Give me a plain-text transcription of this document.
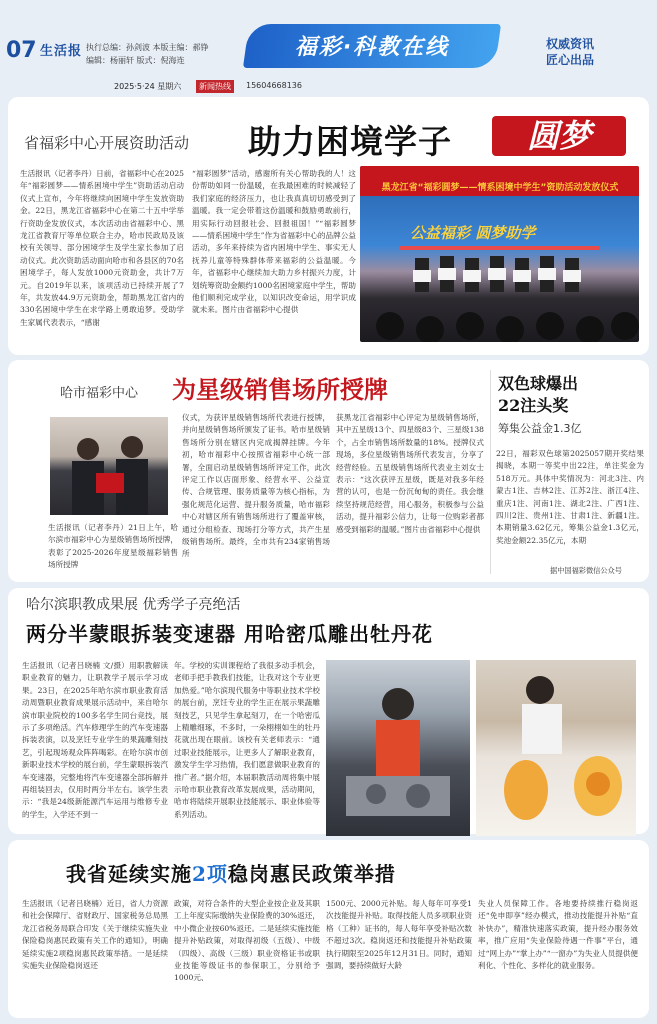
07 生活报 执行总编：孙剑波 本版主编：郝铮
编辑：杨丽轩 版式：倪海连
福彩·科教在线	权威资讯
匠心出品
2025·5·24 星期六	新闻热线	15604668136
省福彩中心开展资助活动 助力困境学子	圆梦
生活报讯（记者李丹）日前，省福彩中心在2025年“福彩圆梦——情系困境中学生”资助活动启动仪式上宣布，今年将继续向困境中学生发放资助金。22日，黑龙江省福彩中心在第二十五中学举行资助金发放仪式，本次活动由省福彩中心、黑龙江省教育厅等单位联合主办，哈市民政局及该校有关领导、部分困境学生及学生家长参加了启动仪式。此次资助活动面向哈市和各县区的70名困境学子，每人发放1000元资助金，共计7万元。自2019年以来，该项活动已持续开展了7年，共发放44.9万元资助金，帮助黑龙江省内的330名困境中学生在求学路上勇敢追梦。受助学生家属代表表示，“感谢
“福彩圆梦”活动，感谢所有关心帮助我的人！这份帮助如同一份温暖，在我最困难的时候减轻了我们家庭的经济压力，也让我真真切切感受到了温暖。我一定会带着这份温暖和鼓励勇敢前行，用实际行动回报社会、回报祖国！”“福彩圆梦——情系困境中学生”作为省福彩中心的品牌公益活动，多年来持续为省内困境中学生、事实无人抚养儿童等特殊群体带来福彩的公益温暖。今年，省福彩中心继续加大助力乡村振兴力度，计划统筹资助金额约1000名困境家庭中学生，帮助他们顺利完成学业，以知识改变命运，用学识成就未来。图片由省福彩中心提供
黑龙江省“福彩圆梦——情系困境中学生”资助活动发放仪式
公益福彩 圆梦助学
哈市福彩中心 为星级销售场所授牌
生活报讯（记者李丹）21日上午，哈尔滨市福彩中心为星级销售场所授牌，表彰了2025-2026年度星级福彩销售场所授牌
仪式，为获评星级销售场所代表进行授牌，并向星级销售场所颁发了证书。哈市星级销售场所分别在辖区内完成揭牌挂牌。今年初，哈市福彩中心按照省福彩中心统一部署，全面启动星级销售场所评定工作，此次评定工作以店面形象、经营水平、公益宣传、合规管理、服务质量等为核心指标，为强化规范化运营、提升服务质量，哈市福彩中心对辖区所有销售场所进行了覆盖审核，通过分组检查、现场打分等方式，共产生星级销售场所。最终，全市共有234家销售场所
获黑龙江省福彩中心评定为星级销售场所，其中五星级13个、四星级83个、三星级138个，占全市销售场所数量的18%。授牌仪式现场，多位星级销售场所代表发言，分享了经营经验。五星级销售场所代表业主刘女士表示：“这次获评五星级，既是对我多年经营的认可，也是一份沉甸甸的责任。我会继续坚持规范经营，用心服务，积极参与公益活动，提升福彩公信力，让每一位购彩者都感受到福彩的温暖。”图片由省福彩中心提供
双色球爆出
22注头奖
筹集公益金1.3亿
22日，福彩双色球第2025057期开奖结果揭晓，本期一等奖中出22注，单注奖金为518万元。具体中奖情况为：河北3注、内蒙古1注、吉林2注、江苏2注、浙江4注、重庆1注、河南1注、湖北2注、广西1注、四川2注、贵州1注、甘肃1注、新疆1注。本期销量3.62亿元，筹集公益金1.3亿元，奖池金额22.35亿元，本期
据中国福彩微信公众号
哈尔滨职教成果展 优秀学子亮绝活
两分半蒙眼拆装变速器 用哈密瓜雕出牡丹花
生活报讯（记者吕晓楠 文/摄）用职教解读职业教育的魅力，让职教学子展示学习成果。23日，在2025年哈尔滨市职业教育活动周暨职业教育成果展示活动中，来自哈尔滨市职业院校的100多名学生同台竞技，展示了多项绝活。汽车修理学生的汽车变速器拆装表演，以及烹饪专业学生的果蔬雕刻技艺，引起现场观众阵阵喝彩。在哈尔滨市创新职业技术学校的展台前，学生蒙眼拆装汽车变速器，完整地将汽车变速器全部拆解并再组装回去，仅用时两分半左右。该学生表示：“我是24级新能源汽车运用与维修专业的学生，入学还不到一
年。学校的实训课程给了我很多动手机会，老师手把手教我们技能，让我对这个专业更加热爱。”哈尔滨现代服务中等职业技术学校的展台前，烹饪专业的学生正在展示果蔬雕刻技艺，只见学生拿起刻刀，在一个哈密瓜上精雕细琢，不多时，一朵栩栩如生的牡丹花就出现在眼前。该校有关老师表示：“通过职业技能展示，让更多人了解职业教育，激发学生学习热情，我们愿意做职业教育的推广者。”据介绍，本届职教活动周将集中展示哈市职业教育改革发展成果，活动期间，哈市将陆续开展职业技能展示、职业体验等系列活动。
我省延续实施2项稳岗惠民政策举措
生活报讯（记者吕晓楠）近日，省人力资源和社会保障厅、省财政厅、国家税务总局黑龙江省税务局联合印发《关于继续实施失业保险稳岗惠民政策有关工作的通知》，明确延续实施2项稳岗惠民政策举措。一是延续实施失业保险稳岗返还
政策，对符合条件的大型企业按企业及其职工上年度实际缴纳失业保险费的30%返还，中小微企业按60%返还。二是延续实施技能提升补贴政策，对取得初级（五级）、中级（四级）、高级（三级）职业资格证书或职业技能等级证书的参保职工，分别给予1000元、
1500元、2000元补贴。每人每年可享受1次技能提升补贴。取得技能人员多项职业资格（工种）证书的，每人每年享受补贴次数不超过3次。稳岗返还和技能提升补贴政策执行期限至2025年12月31日。同时，通知强调，要持续做好大龄
失业人员保障工作。各地要持续推行稳岗返还“免申即享”经办模式，推动技能提升补贴“直补快办”，精准快速落实政策，提升经办服务效率，推广应用“失业保险待遇一件事”平台，通过“网上办”“掌上办”“一窗办”为失业人员提供便利化、个性化、多样化的就业服务。
